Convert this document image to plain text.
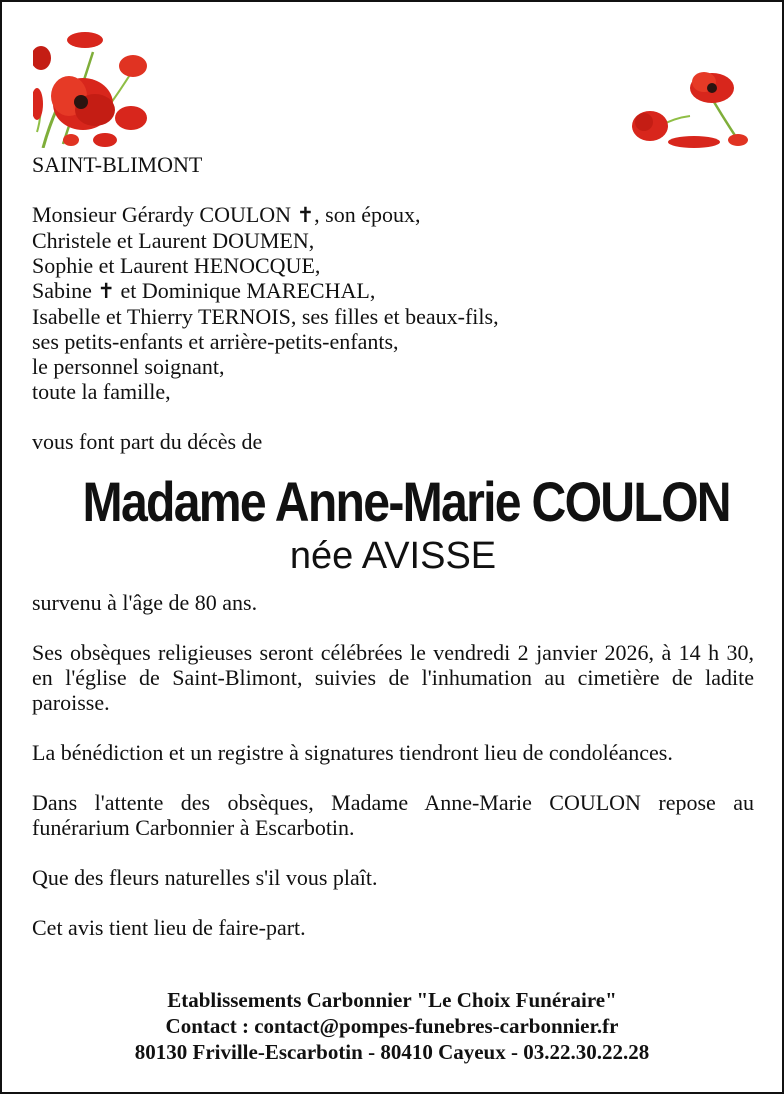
SAINT-BLIMONT

Monsieur Gérardy COULON ✝, son époux,
Christele et Laurent DOUMEN,
Sophie et Laurent HENOCQUE,
Sabine ✝ et Dominique MARECHAL,
Isabelle et Thierry TERNOIS, ses filles et beaux-fils,
ses petits-enfants et arrière-petits-enfants,
le personnel soignant,
toute la famille,

vous font part du décès de

Madame Anne-Marie COULON

née AVISSE

survenu à l'âge de 80 ans.

Ses obsèques religieuses seront célébrées le vendredi 2 janvier 2026, à 14 h 30, en l'église de Saint-Blimont, suivies de l'inhumation au cimetière de ladite paroisse.

La bénédiction et un registre à signatures tiendront lieu de condoléances.

Dans l'attente des obsèques, Madame Anne-Marie COULON repose au funérarium Carbonnier à Escarbotin.

Que des fleurs naturelles s'il vous plaît.

Cet avis tient lieu de faire-part.

Etablissements Carbonnier "Le Choix Funéraire"
Contact : contact@pompes-funebres-carbonnier.fr
80130 Friville-Escarbotin - 80410 Cayeux - 03.22.30.22.28
